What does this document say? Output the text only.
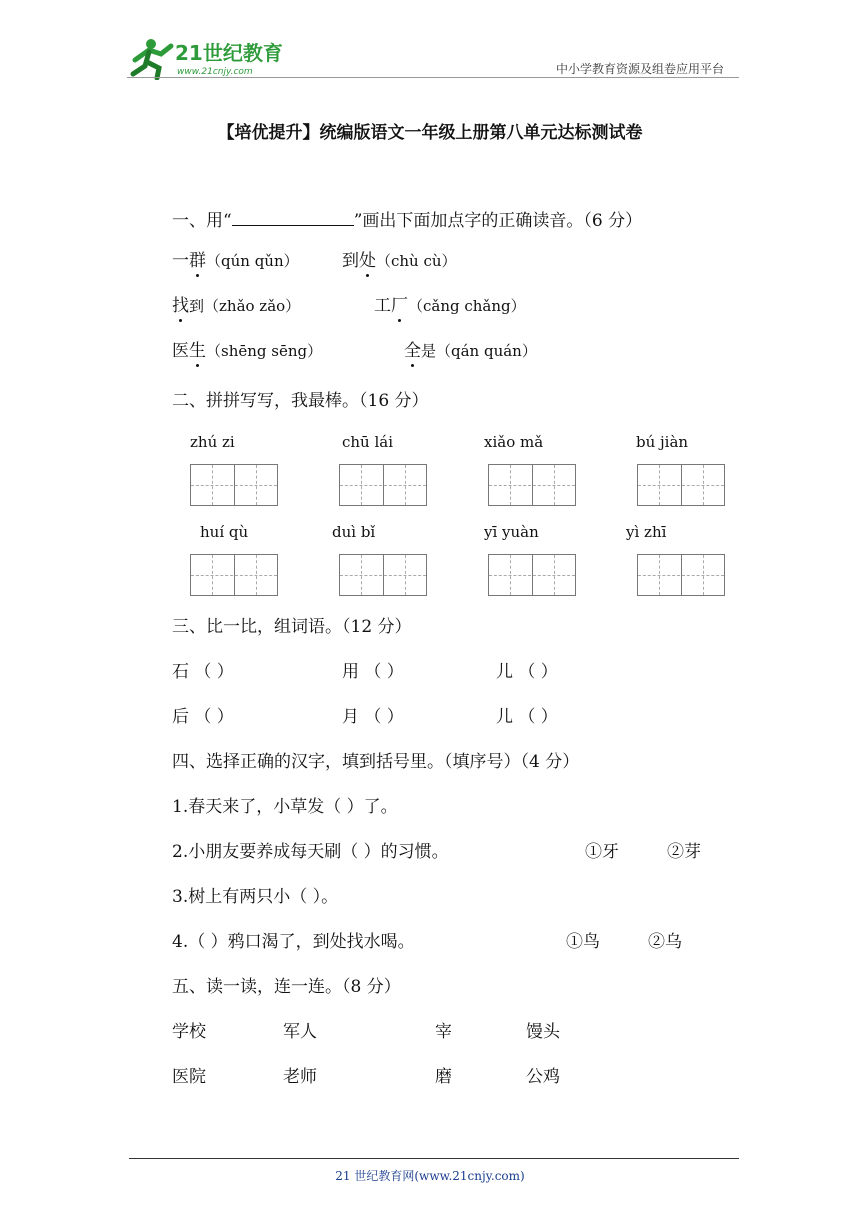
21世纪教育
www.21cnjy.com	中小学教育资源及组卷应用平台
【培优提升】统编版语文一年级上册第八单元达标测试卷
一、用“	”画出下面加点字的正确读音。（6 分）
一群（qún qǔn）	到处（chù cù）
找到（zhǎo zǎo）	工厂（cǎng chǎng）
医生（shēng sēng）	全是（qán quán）
二、拼拼写写，我最棒。（16 分）
zhú zi	chū lái	xiǎo mǎ	bú jiàn
huí qù	duì bǐ	yī yuàn	yì zhī
三、比一比，组词语。（12 分）
石 （ ）	用 （ ）	儿 （ ）
后 （ ）	月 （ ）	儿 （ ）
四、选择正确的汉字，填到括号里。（填序号）（4 分）
1.春天来了，小草发（ ）了。
2.小朋友要养成每天刷（ ）的习惯。	①牙	②芽
3.树上有两只小（ ）。
4.（ ）鸦口渴了，到处找水喝。	①鸟	②乌
五、读一读，连一连。（8 分）
学校	军人	宰	馒头
医院	老师	磨	公鸡
21 世纪教育网(www.21cnjy.com)
